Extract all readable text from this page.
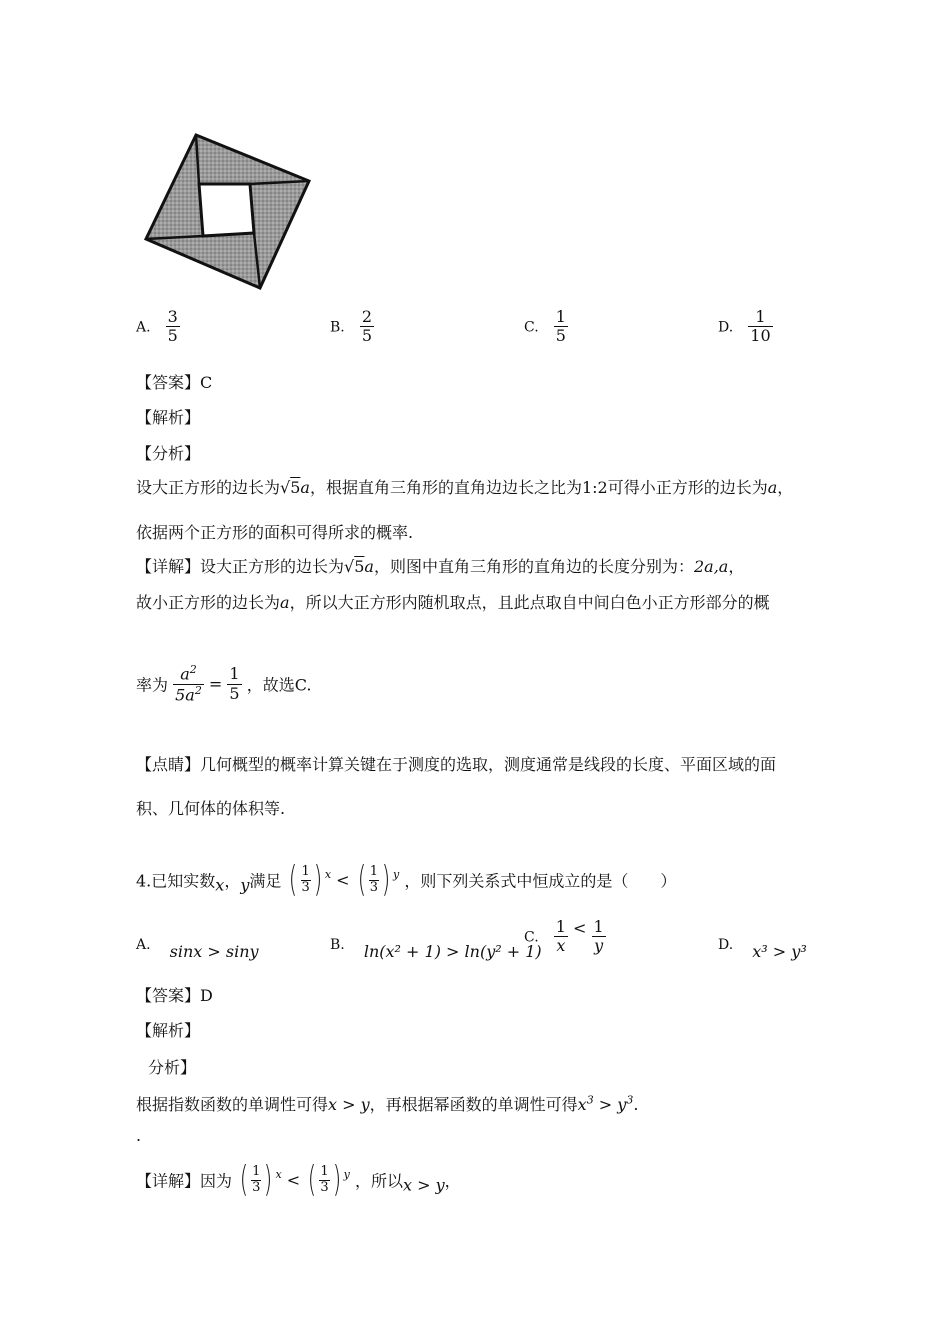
A. $\frac{3}{5}$	B. $\frac{2}{5}$	C. $\frac{1}{5}$	D. $\frac{1}{10}$
【答案】C
【解析】
【分析】
设大正方形的边长为√5a，根据直角三角形的直角边边长之比为1:2可得小正方形的边长为a，
依据两个正方形的面积可得所求的概率.
【详解】设大正方形的边长为√5a，则图中直角三角形的直角边的长度分别为：2a,a，
故小正方形的边长为a，所以大正方形内随机取点，且此点取自中间白色小正方形部分的概
率为 $\frac{a^2}{5a^2} = \frac{1}{5}$ ，故选C.
【点睛】几何概型的概率计算关键在于测度的选取，测度通常是线段的长度、平面区域的面
积、几何体的体积等.
4.已知实数x，y满足 ( $\frac{1}{3}$ ) $^x$ < ( $\frac{1}{3}$ ) $^y$ ，则下列关系式中恒成立的是（　　）
A. sinx > siny	B. ln(x² + 1) > ln(y² + 1)
C. $\frac{1}{x} < \frac{1}{y}$	D. x³ > y³
【答案】D
【解析】
分析】
根据指数函数的单调性可得x > y，再根据幂函数的单调性可得$x^3 > y^3$.
.
【详解】因为 ( $\frac{1}{3}$ ) $^x$ < ( $\frac{1}{3}$ ) $^y$ ，所以x > y，
